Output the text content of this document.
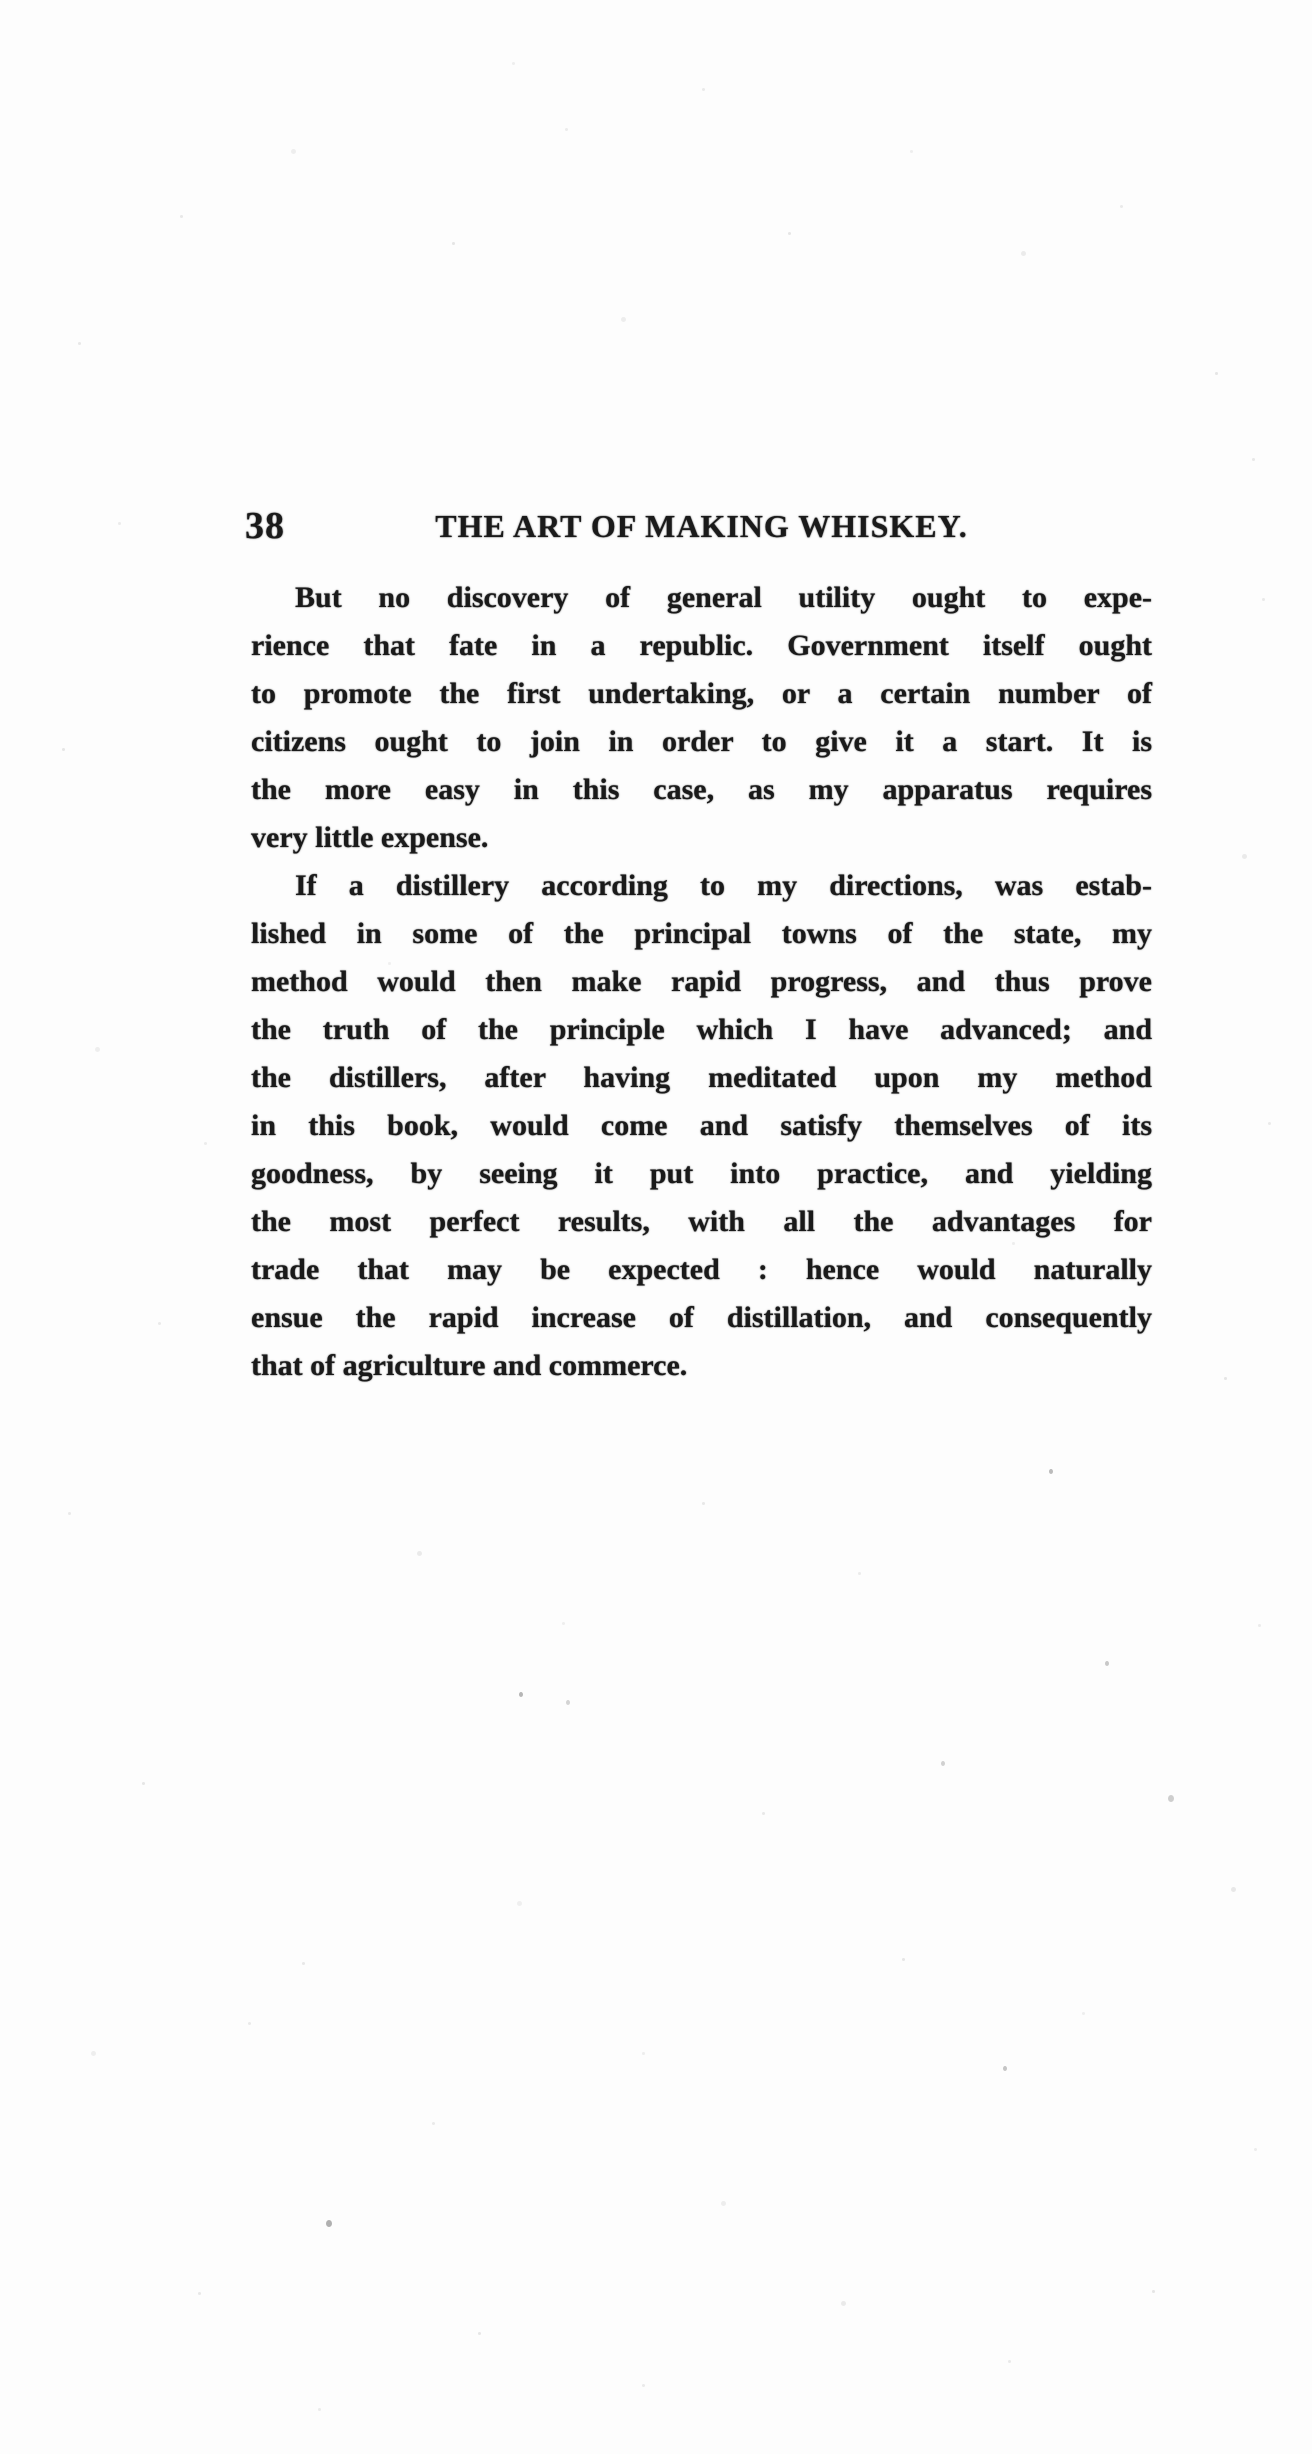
38	THE ART OF MAKING WHISKEY.
But no discovery of general utility ought to expe-
rience that fate in a republic. Government itself ought
to promote the first undertaking, or a certain number of
citizens ought to join in order to give it a start. It is
the more easy in this case, as my apparatus requires
very little expense.
If a distillery according to my directions, was estab-
lished in some of the principal towns of the state, my
method would then make rapid progress, and thus prove
the truth of the principle which I have advanced; and
the distillers, after having meditated upon my method
in this book, would come and satisfy themselves of its
goodness, by seeing it put into practice, and yielding
the most perfect results, with all the advantages for
trade that may be expected : hence would naturally
ensue the rapid increase of distillation, and consequently
that of agriculture and commerce.
